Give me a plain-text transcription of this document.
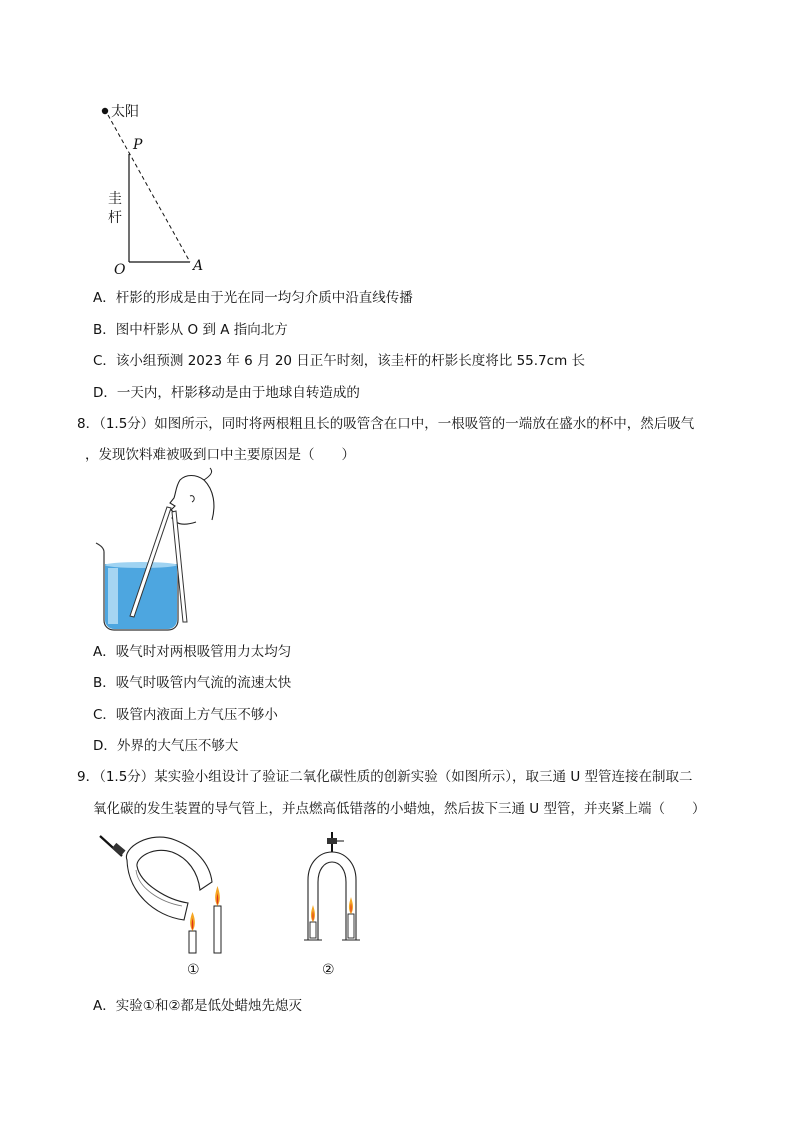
太阳
P
圭
杆
O	A
A．杆影的形成是由于光在同一均匀介质中沿直线传播
B．图中杆影从 O 到 A 指向北方
C．该小组预测 2023 年 6 月 20 日正午时刻，该圭杆的杆影长度将比 55.7cm 长
D．一天内，杆影移动是由于地球自转造成的
8．（1.5分）如图所示，同时将两根粗且长的吸管含在口中，一根吸管的一端放在盛水的杯中，然后吸气
，发现饮料难被吸到口中主要原因是（　　）
A．吸气时对两根吸管用力太均匀
B．吸气时吸管内气流的流速太快
C．吸管内液面上方气压不够小
D．外界的大气压不够大
9．（1.5分）某实验小组设计了验证二氧化碳性质的创新实验（如图所示），取三通 U 型管连接在制取二
氧化碳的发生装置的导气管上，并点燃高低错落的小蜡烛，然后拔下三通 U 型管，并夹紧上端（　　）
①	②
A．实验①和②都是低处蜡烛先熄灭
